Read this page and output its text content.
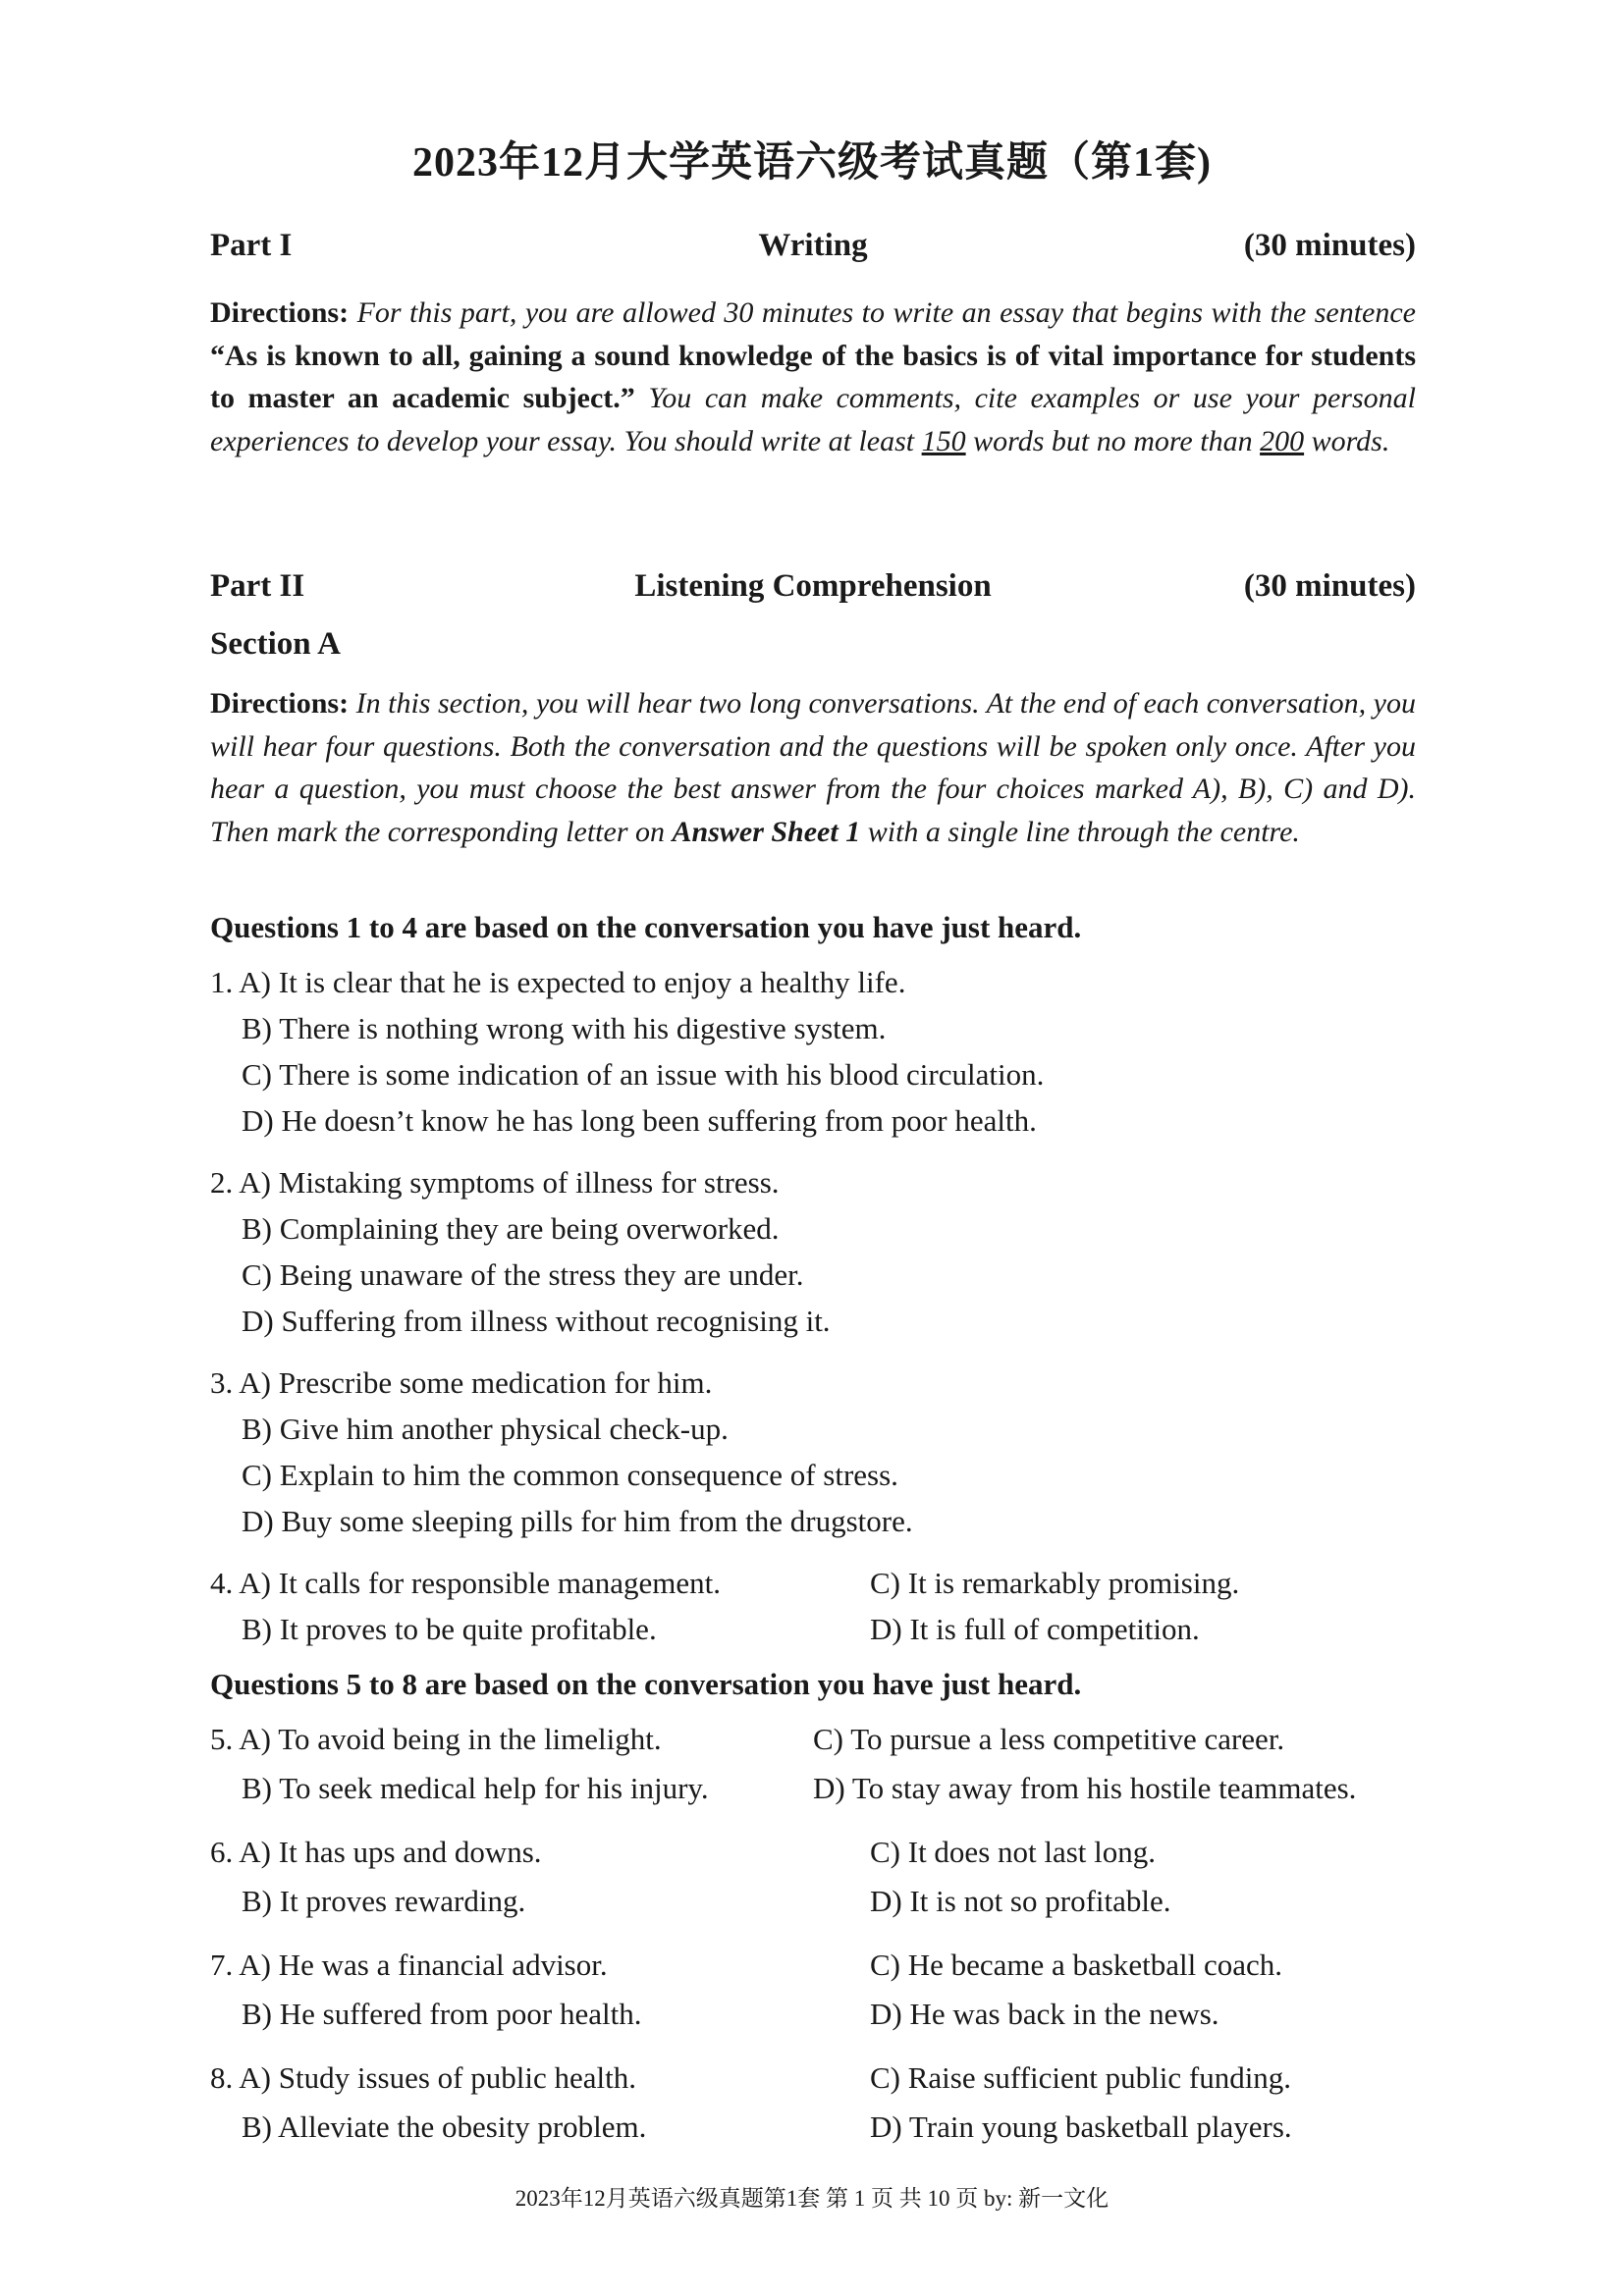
2023年12月大学英语六级考试真题（第1套)
Part I	Writing	(30 minutes)
Directions: For this part, you are allowed 30 minutes to write an essay that begins with the sentence “As is known to all, gaining a sound knowledge of the basics is of vital importance for students to master an academic subject.” You can make comments, cite examples or use your personal experiences to develop your essay. You should write at least 150 words but no more than 200 words.
Part II	Listening Comprehension	(30 minutes)
Section A
Directions: In this section, you will hear two long conversations. At the end of each conversation, you will hear four questions. Both the conversation and the questions will be spoken only once. After you hear a question, you must choose the best answer from the four choices marked A), B), C) and D). Then mark the corresponding letter on Answer Sheet 1 with a single line through the centre.
Questions 1 to 4 are based on the conversation you have just heard.
1. A) It is clear that he is expected to enjoy a healthy life.
B) There is nothing wrong with his digestive system.
C) There is some indication of an issue with his blood circulation.
D) He doesn’t know he has long been suffering from poor health.
2. A) Mistaking symptoms of illness for stress.
B) Complaining they are being overworked.
C) Being unaware of the stress they are under.
D) Suffering from illness without recognising it.
3. A) Prescribe some medication for him.
B) Give him another physical check-up.
C) Explain to him the common consequence of stress.
D) Buy some sleeping pills for him from the drugstore.
4. A) It calls for responsible management.	C) It is remarkably promising.
B) It proves to be quite profitable.	D) It is full of competition.
Questions 5 to 8 are based on the conversation you have just heard.
5. A) To avoid being in the limelight.	C) To pursue a less competitive career.
B) To seek medical help for his injury.	D) To stay away from his hostile teammates.
6. A) It has ups and downs.	C) It does not last long.
B) It proves rewarding.	D) It is not so profitable.
7. A) He was a financial advisor.	C) He became a basketball coach.
B) He suffered from poor health.	D) He was back in the news.
8. A) Study issues of public health.	C) Raise sufficient public funding.
B) Alleviate the obesity problem.	D) Train young basketball players.
2023年12月英语六级真题第1套 第 1 页 共 10 页 by: 新一文化
